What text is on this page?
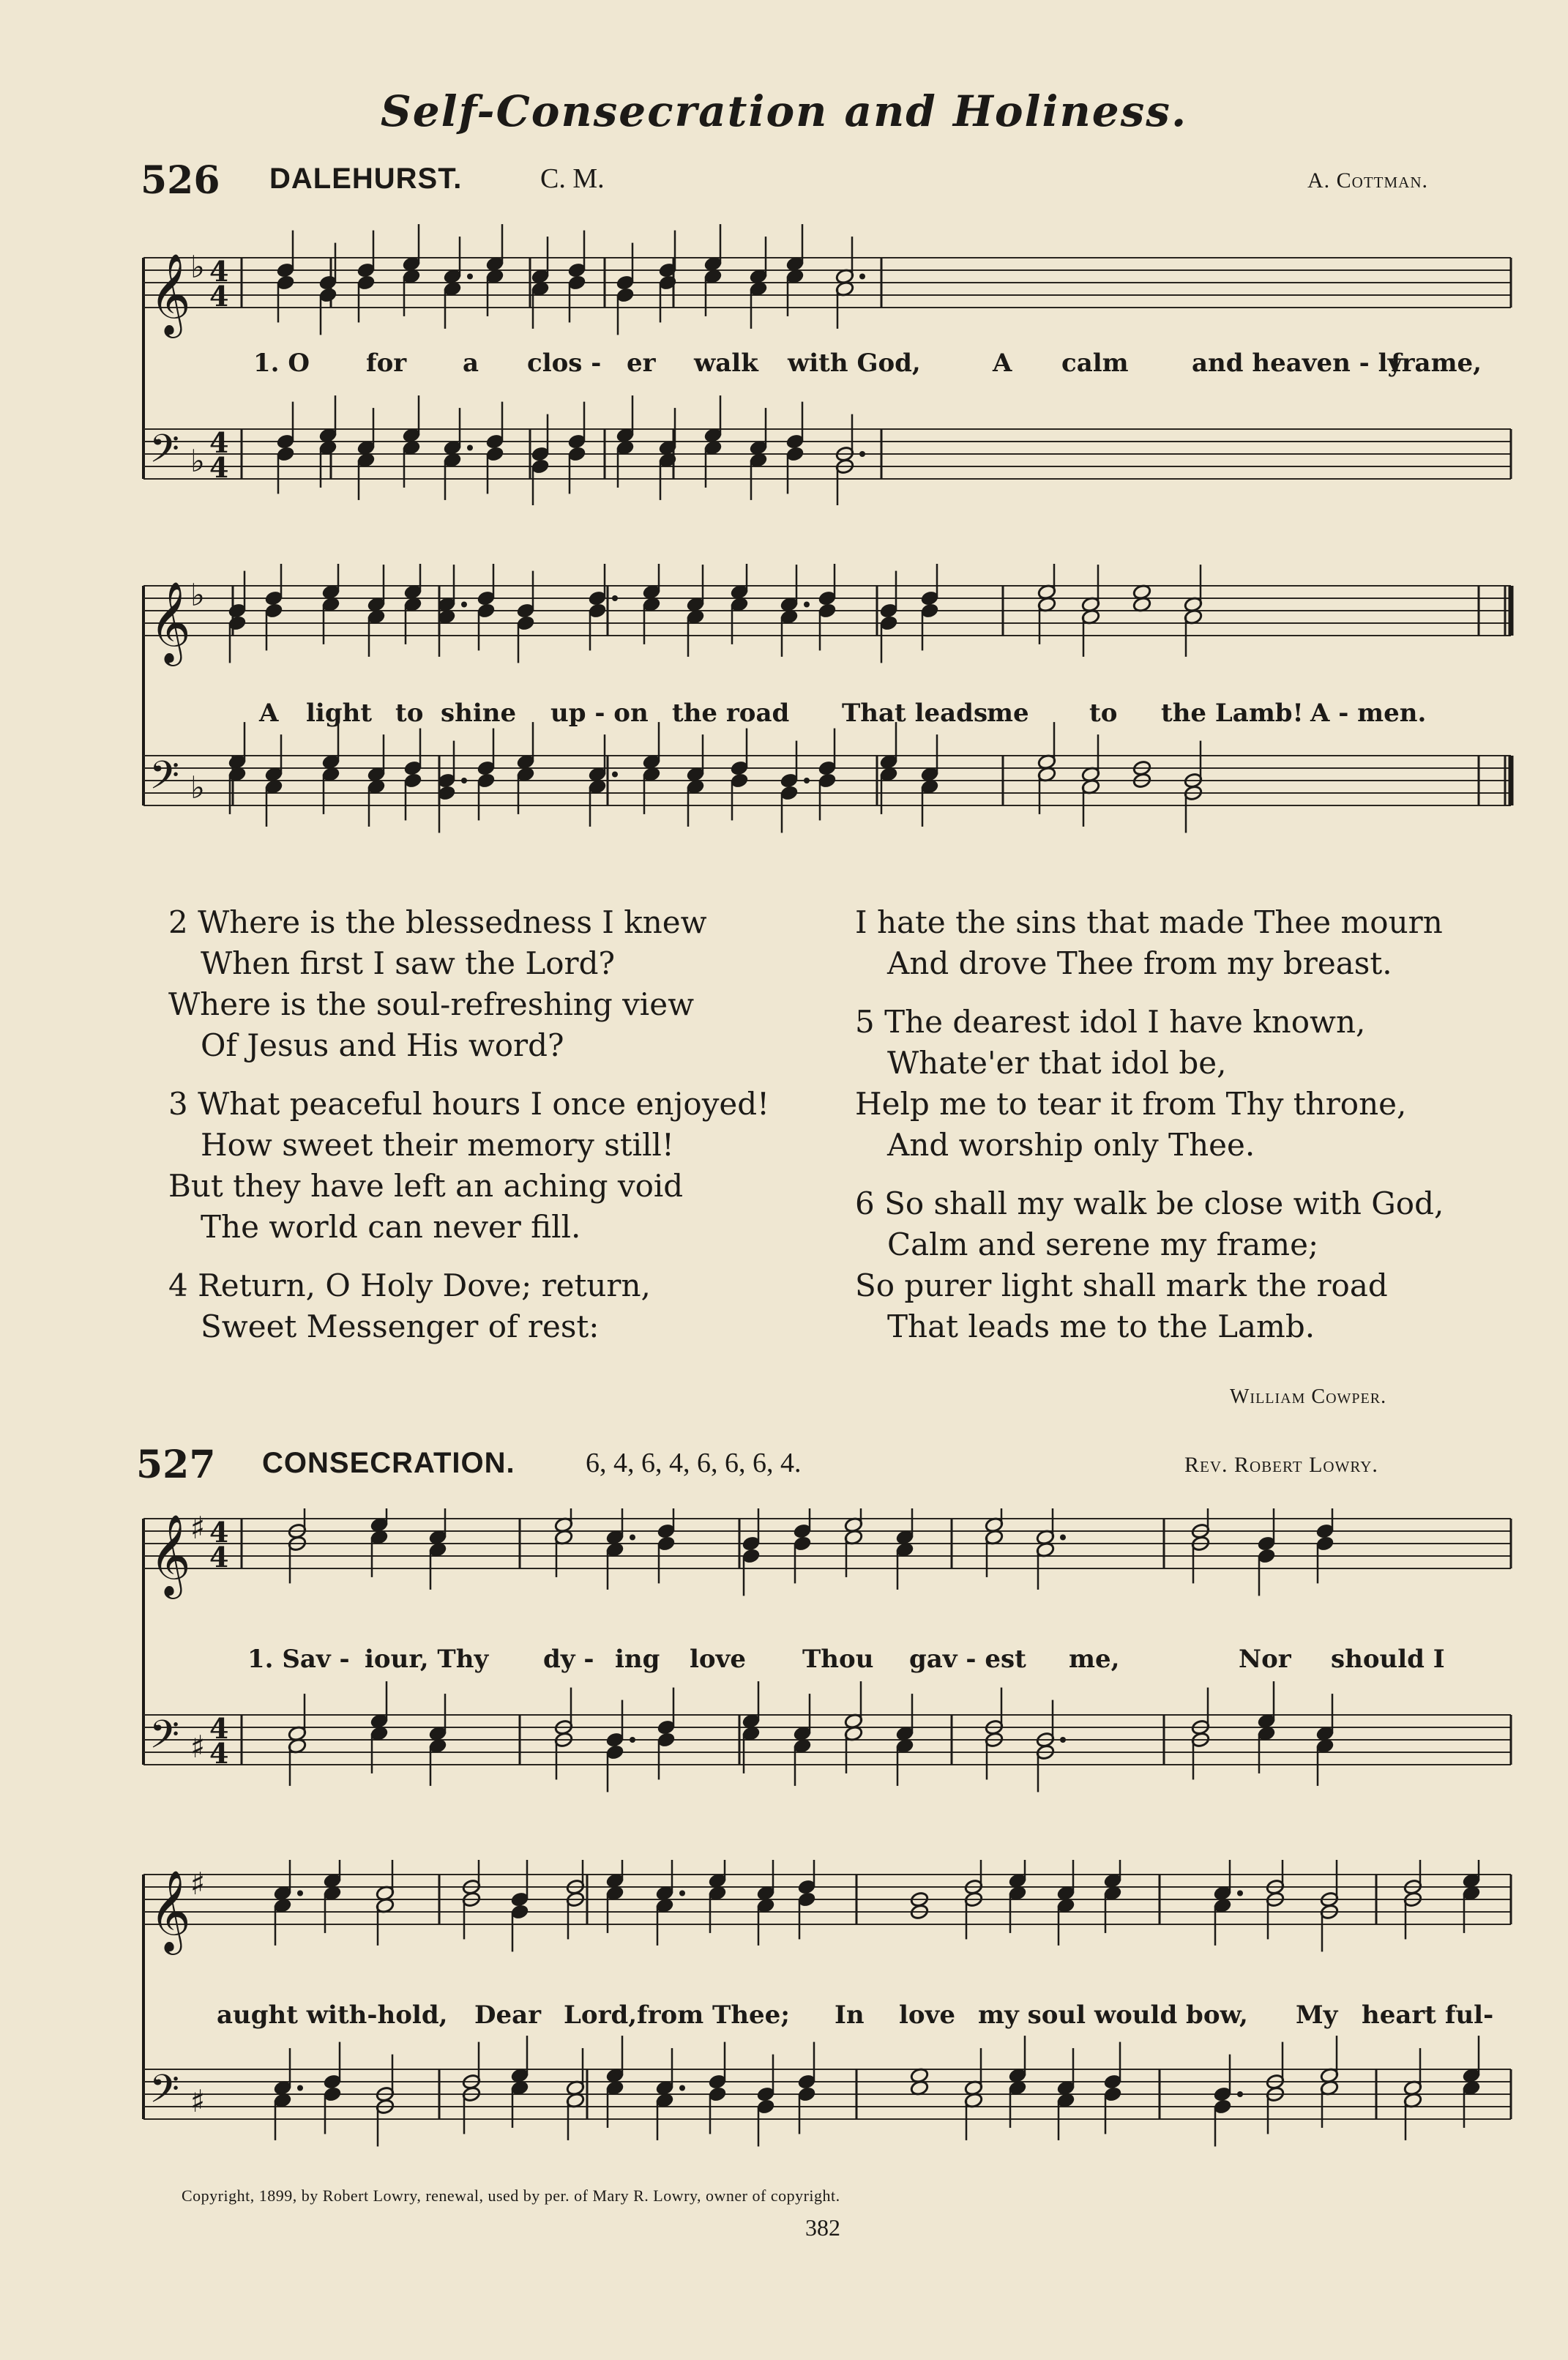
Self-Consecration and Holiness.
526 DALEHURST.	C. M.	A. Cottman.
𝄞 ♭ 4
4
𝄢 ♭
4
4
𝄞 ♭
𝄢 ♭
1. O for a clos - er walk with God,	A calm	and heaven - ly
frame,
A light to shine up - on the road That leads
me to the Lamb! A - men.
2 Where is the blessedness I knew
When first I saw the Lord?
Where is the soul-refreshing view
Of Jesus and His word?
3 What peaceful hours I once enjoyed!
How sweet their memory still!
But they have left an aching void
The world can never fill.
4 Return, O Holy Dove; return,
Sweet Messenger of rest:
I hate the sins that made Thee mourn
And drove Thee from my breast.
5 The dearest idol I have known,
Whate'er that idol be,
Help me to tear it from Thy throne,
And worship only Thee.
6 So shall my walk be close with God,
Calm and serene my frame;
So purer light shall mark the road
That leads me to the Lamb.
William Cowper.
527 CONSECRATION.	6, 4, 6, 4, 6, 6, 6, 4.	Rev. Robert Lowry.
𝄞 ♯ 4
4
𝄢 ♯
4
4
𝄞 ♯
𝄢 ♯
1. Sav - iour, Thy dy - ing love Thou gav - est me,	Nor should I
aught with-hold, Dear Lord, from Thee; In love my soul would bow, My heart ful-
Copyright, 1899, by Robert Lowry, renewal, used by per. of Mary R. Lowry, owner of copyright.
382
